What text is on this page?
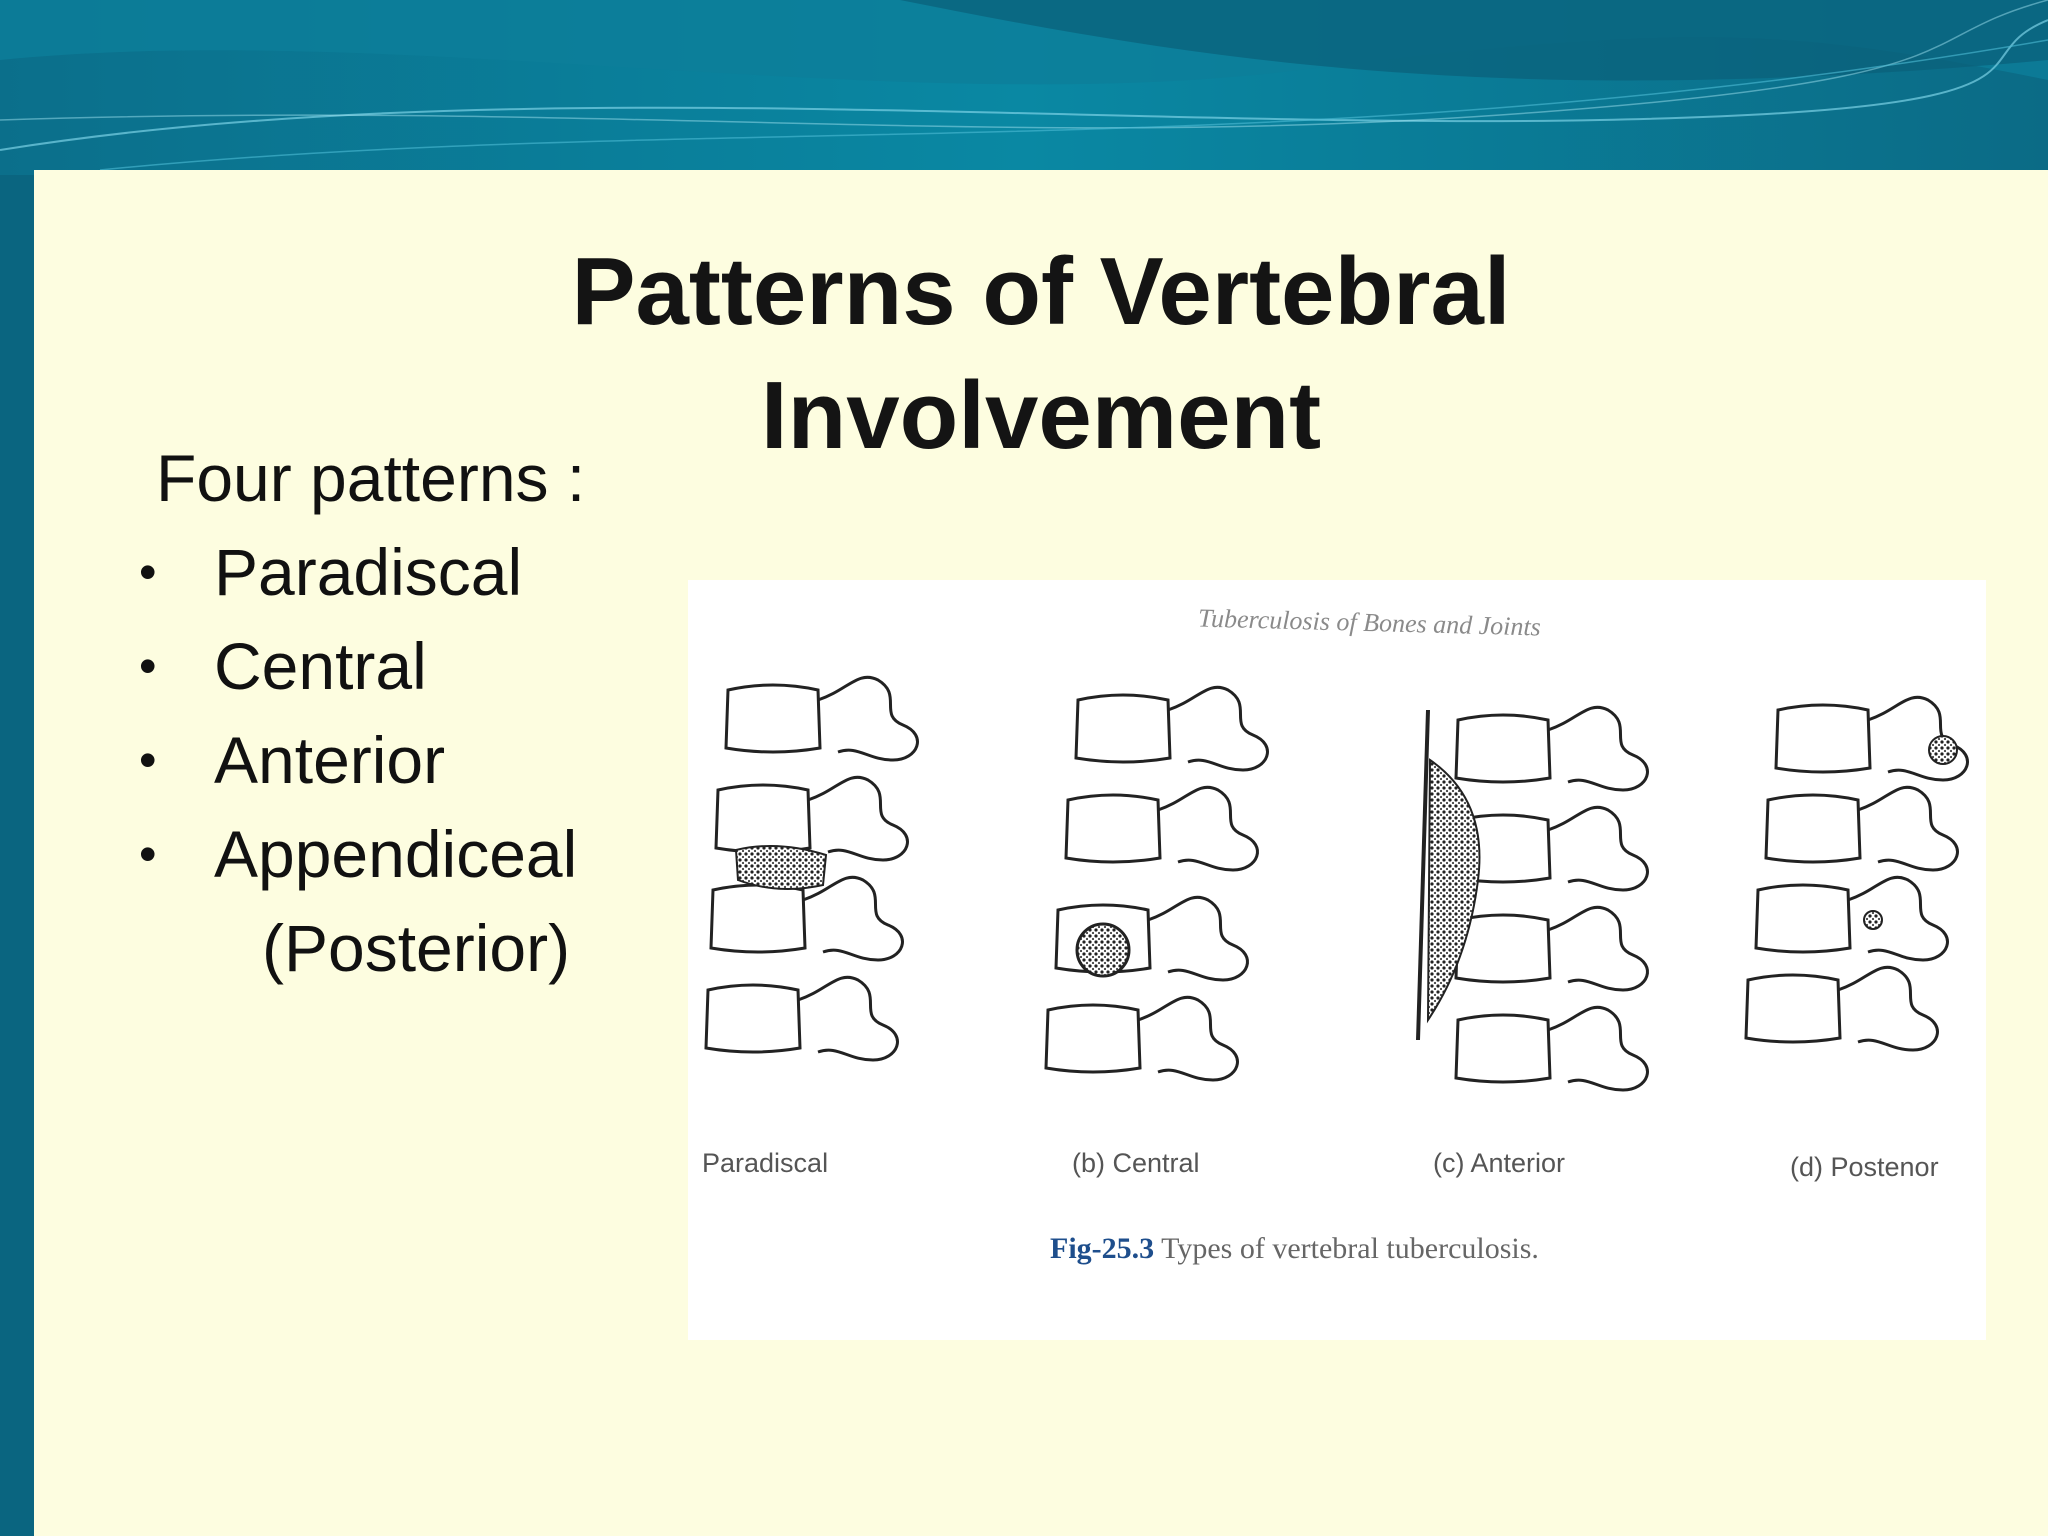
Patterns of Vertebral
Involvement
Four patterns :
• Paradiscal
• Central
• Anterior
• Appendiceal
(Posterior)
Tuberculosis of Bones and Joints
Paradiscal	(b) Central	(c) Anterior	(d) Postenor
Fig-25.3 Types of vertebral tuberculosis.
